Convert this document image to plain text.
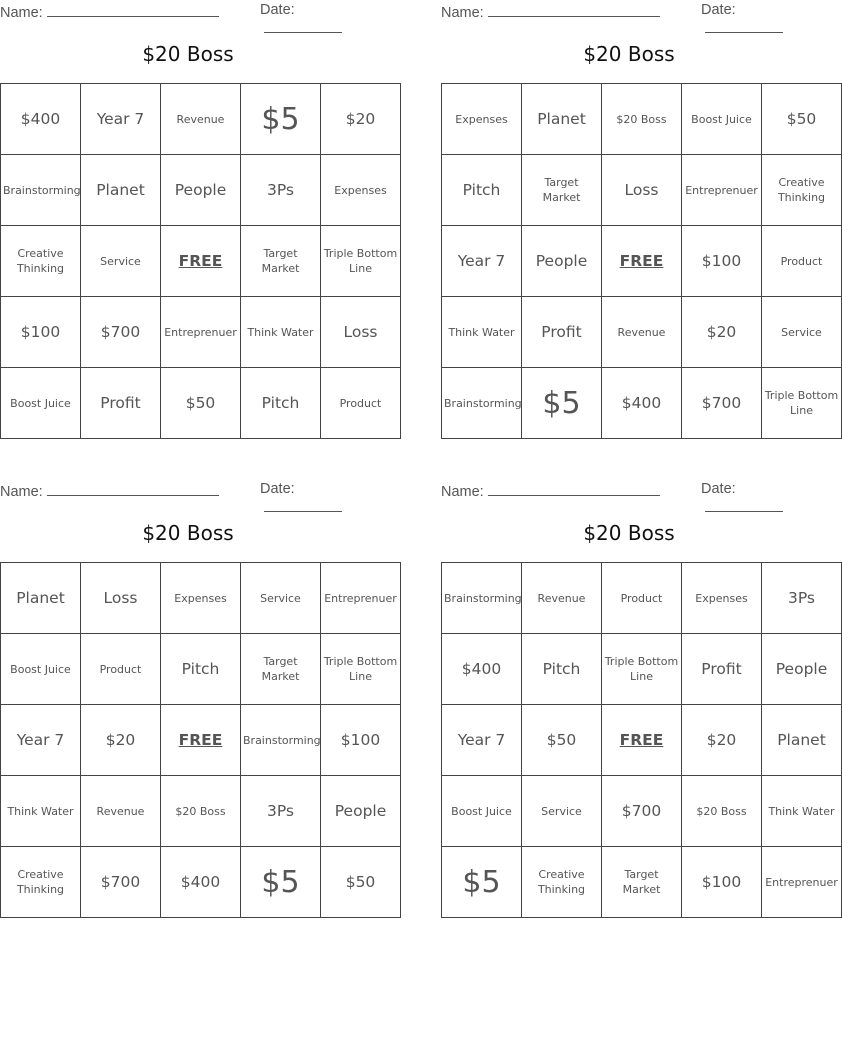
Name:	Date:
$20 Boss
$400	Year 7	Revenue	$5	$20
Brainstorming	Planet	People	3Ps	Expenses
Creative Thinking	Service	FREE	Target Market	Triple Bottom Line
$100	$700	Entreprenuer	Think Water	Loss
Boost Juice	Profit	$50	Pitch	Product
Name:	Date:
$20 Boss
Expenses	Planet	$20 Boss	Boost Juice	$50
Pitch	Target Market	Loss	Entreprenuer	Creative Thinking
Year 7	People	FREE	$100	Product
Think Water	Profit	Revenue	$20	Service
Brainstorming	$5	$400	$700	Triple Bottom Line
Name:	Date:
$20 Boss
Planet	Loss	Expenses	Service	Entreprenuer
Boost Juice	Product	Pitch	Target Market	Triple Bottom Line
Year 7	$20	FREE	Brainstorming	$100
Think Water	Revenue	$20 Boss	3Ps	People
Creative Thinking	$700	$400	$5	$50
Name:	Date:
$20 Boss
Brainstorming	Revenue	Product	Expenses	3Ps
$400	Pitch	Triple Bottom Line	Profit	People
Year 7	$50	FREE	$20	Planet
Boost Juice	Service	$700	$20 Boss	Think Water
$5	Creative Thinking	Target Market	$100	Entreprenuer
